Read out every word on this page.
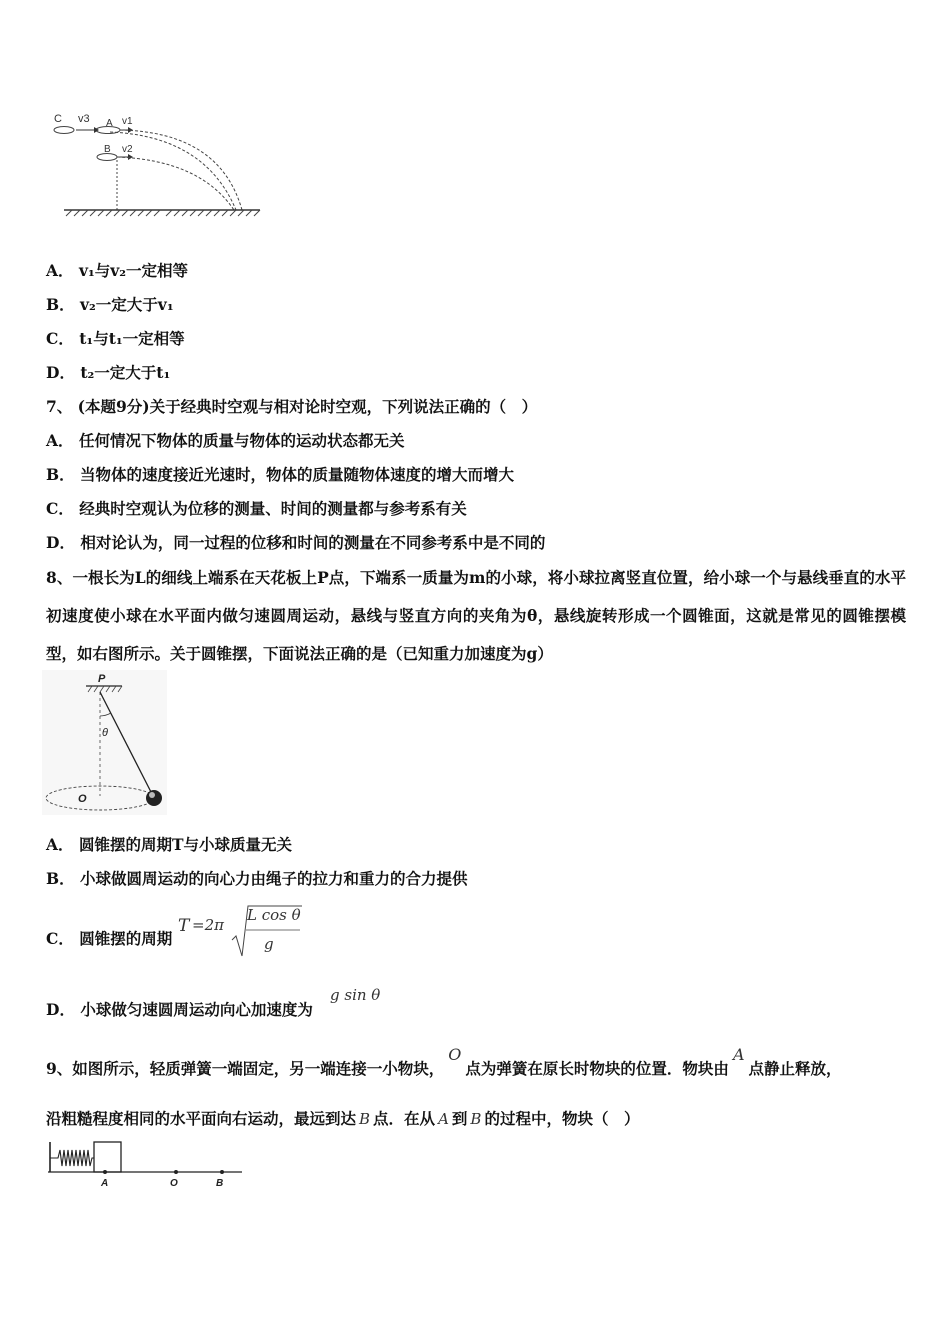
C v3 A v1
B v2
A． v₁与v₂一定相等
B． v₂一定大于v₁
C． t₁与t₁一定相等
D． t₂一定大于t₁
7、 (本题9分)关于经典时空观与相对论时空观，下列说法正确的（　）
A． 任何情况下物体的质量与物体的运动状态都无关
B． 当物体的速度接近光速时，物体的质量随物体速度的增大而增大
C． 经典时空观认为位移的测量、时间的测量都与参考系有关
D． 相对论认为，同一过程的位移和时间的测量在不同参考系中是不同的
8、一根长为L的细线上端系在天花板上P点，下端系一质量为m的小球，将小球拉离竖直位置，给小球一个与悬线垂直的水平初速度使小球在水平面内做匀速圆周运动，悬线与竖直方向的夹角为θ，悬线旋转形成一个圆锥面，这就是常见的圆锥摆模型，如右图所示。关于圆锥摆，下面说法正确的是（已知重力加速度为g）
P
θ
O
A． 圆锥摆的周期T与小球质量无关
B． 小球做圆周运动的向心力由绳子的拉力和重力的合力提供
C． 圆锥摆的周期
T =2π
L cos θ
g
D． 小球做匀速圆周运动向心加速度为
g sin θ
9、如图所示，轻质弹簧一端固定，另一端连接一小物块，O点为弹簧在原长时物块的位置．物块由A点静止释放，
沿粗糙程度相同的水平面向右运动，最远到达 B 点．在从 A 到 B 的过程中，物块（　）
A	O	B
